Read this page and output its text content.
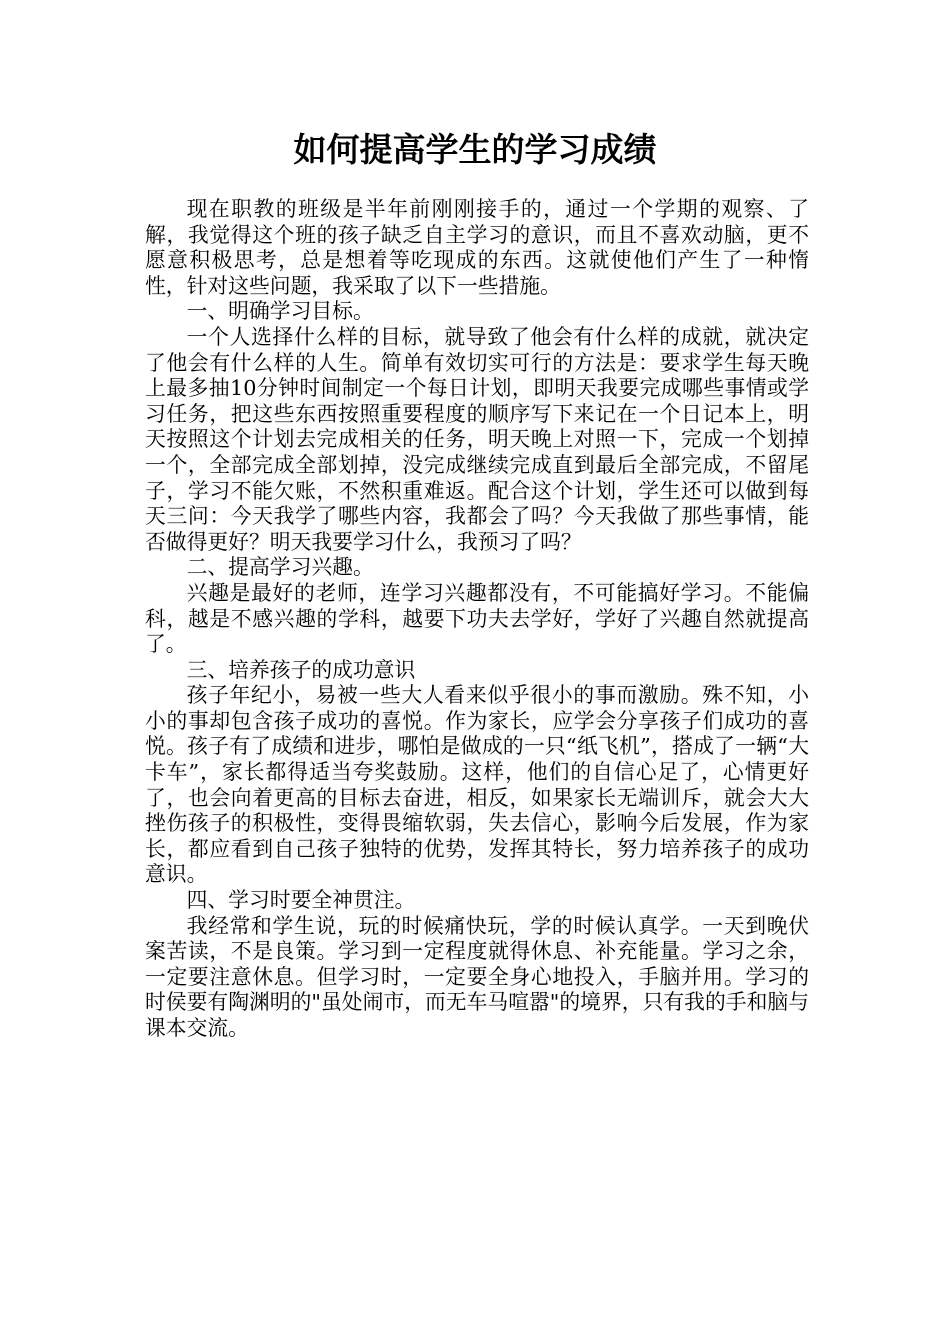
如何提高学生的学习成绩

现在职教的班级是半年前刚刚接手的，通过一个学期的观察、了解，我觉得这个班的孩子缺乏自主学习的意识，而且不喜欢动脑，更不愿意积极思考，总是想着等吃现成的东西。这就使他们产生了一种惰性，针对这些问题，我采取了以下一些措施。

一、明确学习目标。

一个人选择什么样的目标，就导致了他会有什么样的成就，就决定了他会有什么样的人生。简单有效切实可行的方法是：要求学生每天晚上最多抽10分钟时间制定一个每日计划，即明天我要完成哪些事情或学习任务，把这些东西按照重要程度的顺序写下来记在一个日记本上，明天按照这个计划去完成相关的任务，明天晚上对照一下，完成一个划掉一个，全部完成全部划掉，没完成继续完成直到最后全部完成，不留尾子，学习不能欠账，不然积重难返。配合这个计划，学生还可以做到每天三问：今天我学了哪些内容，我都会了吗？今天我做了那些事情，能否做得更好？明天我要学习什么，我预习了吗？

二、提高学习兴趣。

兴趣是最好的老师，连学习兴趣都没有，不可能搞好学习。不能偏科，越是不感兴趣的学科，越要下功夫去学好，学好了兴趣自然就提高了。

三、培养孩子的成功意识

孩子年纪小，易被一些大人看来似乎很小的事而激励。殊不知，小小的事却包含孩子成功的喜悦。作为家长，应学会分享孩子们成功的喜悦。孩子有了成绩和进步，哪怕是做成的一只“纸飞机”，搭成了一辆“大卡车”，家长都得适当夸奖鼓励。这样，他们的自信心足了，心情更好了，也会向着更高的目标去奋进，相反，如果家长无端训斥，就会大大挫伤孩子的积极性，变得畏缩软弱，失去信心，影响今后发展，作为家长，都应看到自己孩子独特的优势，发挥其特长，努力培养孩子的成功意识。

四、学习时要全神贯注。

我经常和学生说，玩的时候痛快玩，学的时候认真学。一天到晚伏案苦读，不是良策。学习到一定程度就得休息、补充能量。学习之余，一定要注意休息。但学习时，一定要全身心地投入，手脑并用。学习的时侯要有陶渊明的"虽处闹市，而无车马喧嚣"的境界，只有我的手和脑与课本交流。
